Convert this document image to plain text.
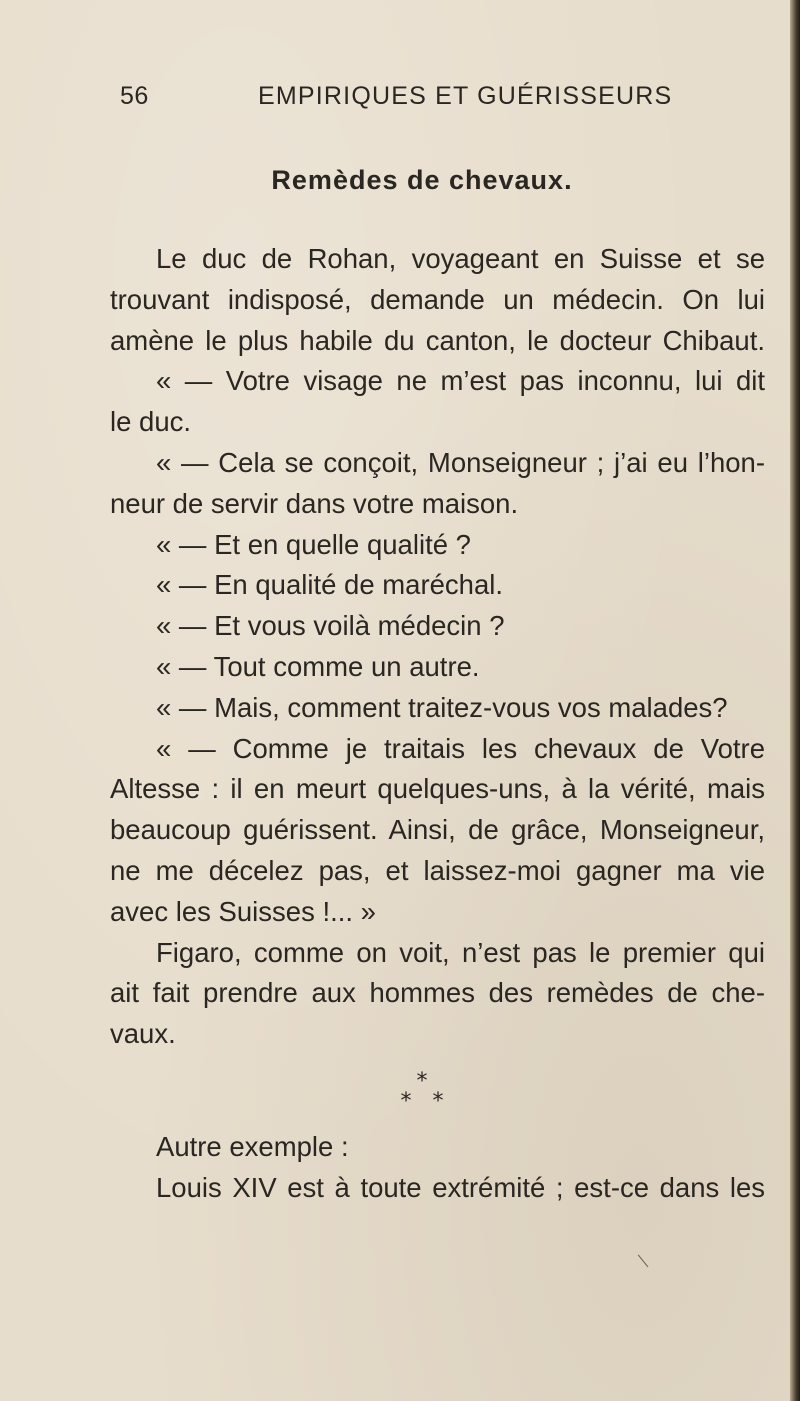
56	EMPIRIQUES ET GUÉRISSEURS
Remèdes de chevaux.
Le duc de Rohan, voyageant en Suisse et se
trouvant indisposé, demande un médecin. On lui
amène le plus habile du canton, le docteur Chibaut.
« — Votre visage ne m’est pas inconnu, lui dit
le duc.
« — Cela se conçoit, Monseigneur ; j’ai eu l’hon-
neur de servir dans votre maison.
« — Et en quelle qualité ?
« — En qualité de maréchal.
« — Et vous voilà médecin ?
« — Tout comme un autre.
« — Mais, comment traitez-vous vos malades?
« — Comme je traitais les chevaux de Votre
Altesse : il en meurt quelques-uns, à la vérité, mais
beaucoup guérissent. Ainsi, de grâce, Monseigneur,
ne me décelez pas, et laissez-moi gagner ma vie
avec les Suisses !... »
Figaro, comme on voit, n’est pas le premier qui
ait fait prendre aux hommes des remèdes de che-
vaux.
*
*   *
Autre exemple :
Louis XIV est à toute extrémité ; est-ce dans les
\
